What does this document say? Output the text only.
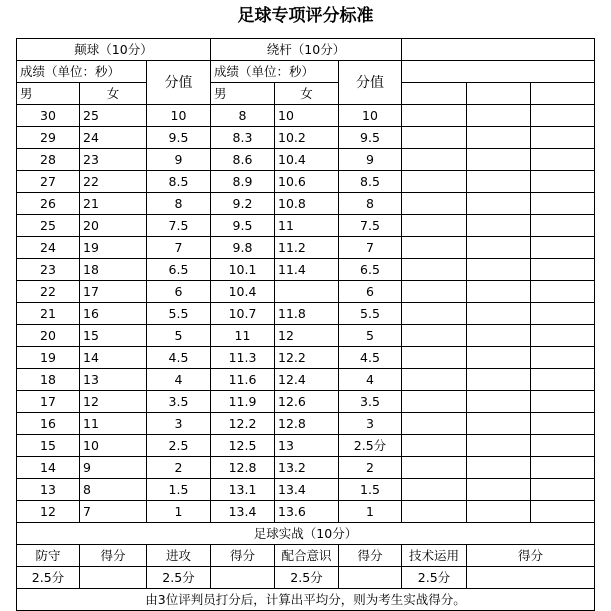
足球专项评分标准
颠球（10分）			绕杆（10分）					
成绩（单位：秒）		分值	成绩（单位：秒）		分值			
男	女		男	女				
30	25	10	8	10	10			
29	24	9.5	8.3	10.2	9.5			
28	23	9	8.6	10.4	9			
27	22	8.5	8.9	10.6	8.5			
26	21	8	9.2	10.8	8			
25	20	7.5	9.5	11	7.5			
24	19	7	9.8	11.2	7			
23	18	6.5	10.1	11.4	6.5			
22	17	6	10.4		6			
21	16	5.5	10.7	11.8	5.5			
20	15	5	11	12	5			
19	14	4.5	11.3	12.2	4.5			
18	13	4	11.6	12.4	4			
17	12	3.5	11.9	12.6	3.5			
16	11	3	12.2	12.8	3			
15	10	2.5	12.5	13	2.5分			
14	9	2	12.8	13.2	2			
13	8	1.5	13.1	13.4	1.5			
12	7	1	13.4	13.6	1			
足球实战（10分）								
防守	得分	进攻	得分	配合意识	得分	技术运用	得分	
2.5分		2.5分		2.5分		2.5分		
由3位评判员打分后，计算出平均分，则为考生实战得分。								
